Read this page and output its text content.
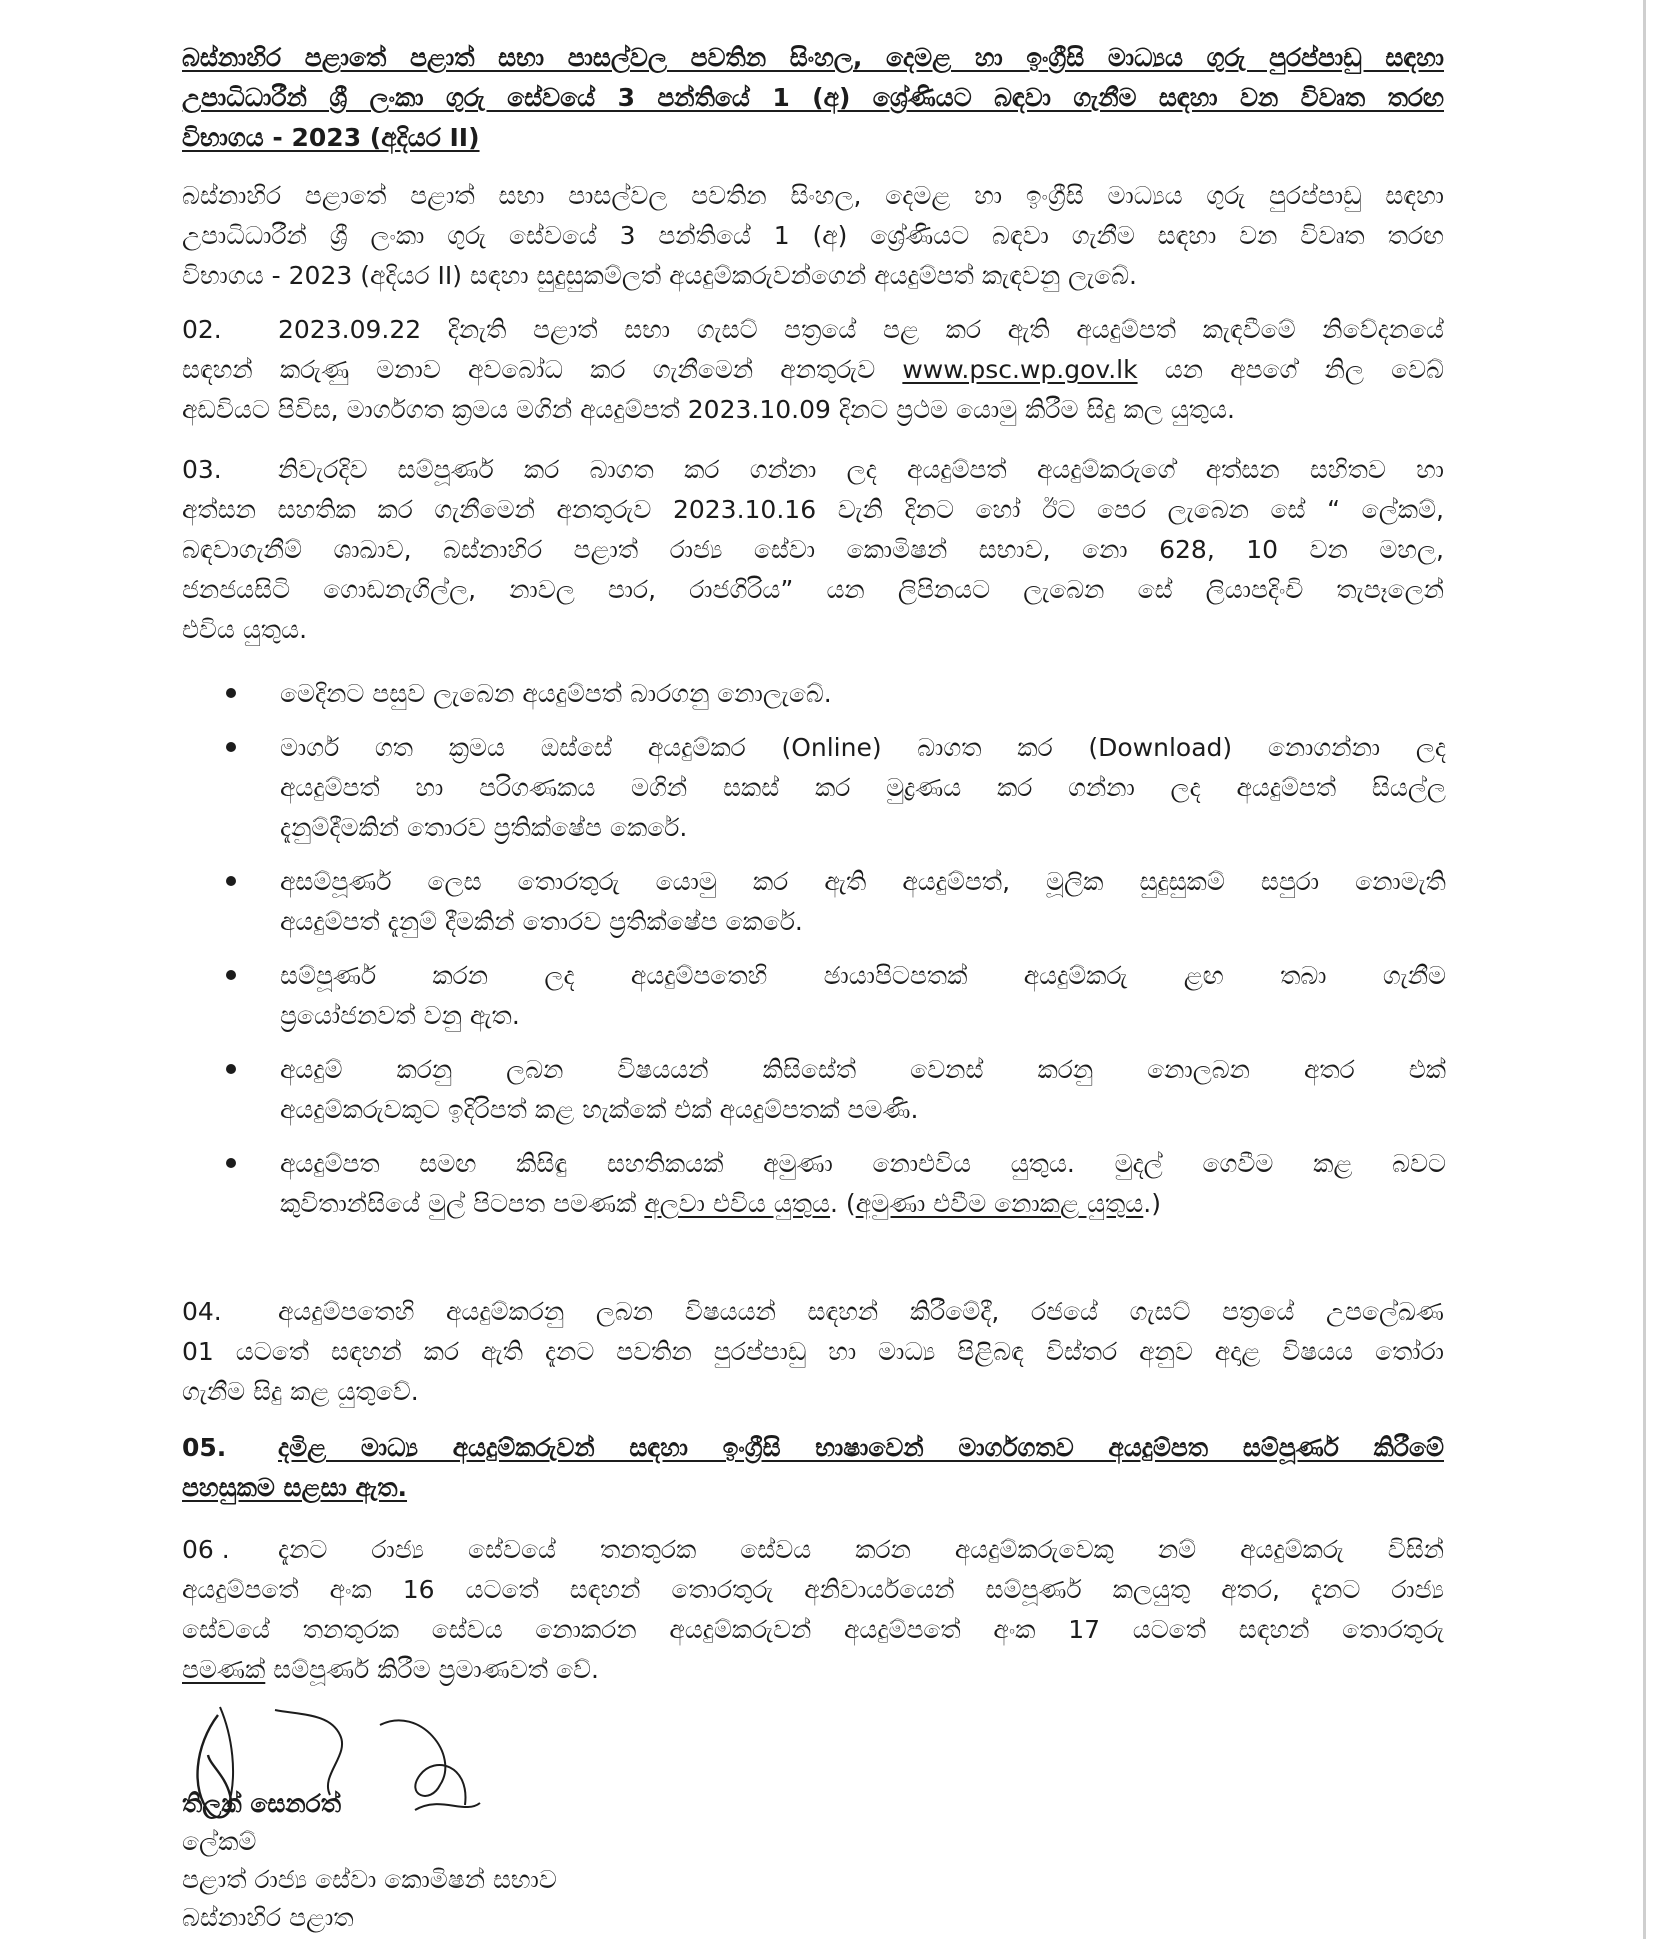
බස්නාහිර පළාතේ පළාත් සභා පාසල්වල පවතින සිංහල, දෙමළ හා ඉංග්‍රීසි මාධ්‍යය ගුරු පුරප්පාඩු සඳහා
උපාධිධාරීන් ශ්‍රී ලංකා ගුරු සේවයේ 3 පන්තියේ 1 (අ) ශ්‍රේණියට බඳවා ගැනීම සඳහා වන විවෘත තරඟ
විභාගය - 2023 (අදියර II)
බස්නාහිර පළාතේ පළාත් සභා පාසල්වල පවතින සිංහල, දෙමළ හා ඉංග්‍රීසි මාධ්‍යය ගුරු පුරප්පාඩු සඳහා
උපාධිධාරීන් ශ්‍රී ලංකා ගුරු සේවයේ 3 පන්තියේ 1 (අ) ශ්‍රේණියට බඳවා ගැනීම සඳහා වන විවෘත තරඟ
විභාගය - 2023 (අදියර II) සඳහා සුදුසුකම්ලත් අයදුම්කරුවන්ගෙන් අයදුම්පත් කැඳවනු ලැබේ.
02. 2023.09.22 දිනැති පළාත් සභා ගැසට් පත්‍රයේ පළ කර ඇති අයදුම්පත් කැඳවීමේ නිවේදනයේ
සඳහන් කරුණු මනාව අවබෝධ කර ගැනීමෙන් අනතුරුව www.psc.wp.gov.lk යන අපගේ නිල වෙබ්
අඩවියට පිවිස, මාර්ගගත ක්‍රමය මගින් අයදුම්පත් 2023.10.09 දිනට ප්‍රථම යොමු කිරීම සිදු කල යුතුය.
03. නිවැරදිව සම්පූර්ණ කර බාගත කර ගන්නා ලද අයදුම්පත් අයදුම්කරුගේ අත්සන සහිතව හා
අත්සන සහතික කර ගැනීමෙන් අනතුරුව 2023.10.16 වැනි දිනට හෝ ඊට පෙර ලැබෙන සේ “ ලේකම්,
බඳවාගැනීම් ශාඛාව, බස්නාහිර පළාත් රාජ්‍ය සේවා කොමිෂන් සභාව, නො 628, 10 වන මහල,
ජනජයසිටි ගොඩනැගිල්ල, නාවල පාර, රාජගිරිය” යන ලිපිනයට ලැබෙන සේ ලියාපදිංචි තැපෑලෙන්
එවිය යුතුය.
මෙදිනට පසුව ලැබෙන අයදුම්පත් බාරගනු නොලැබේ.
මාර්ග ගත ක්‍රමය ඔස්සේ අයදුම්කර (Online) බාගත කර (Download) නොගන්නා ලද
අයදුම්පත් හා පරිගණකය මගින් සකස් කර මුද්‍රණය කර ගන්නා ලද අයදුම්පත් සියල්ල
දැනුම්දීමකින් තොරව ප්‍රතික්ෂේප කෙරේ.
අසම්පූර්ණ ලෙස තොරතුරු යොමු කර ඇති අයදුම්පත්, මූලික සුදුසුකම් සපුරා නොමැති
අයදුම්පත් දැනුම් දීමකින් තොරව ප්‍රතික්ෂේප කෙරේ.
සම්පූර්ණ කරන ලද අයදුම්පතෙහි ඡායාපිටපතක් අයදුම්කරු ළඟ තබා ගැනීම
ප්‍රයෝජනවත් වනු ඇත.
අයදුම් කරනු ලබන විෂයයන් කිසිසේත් වෙනස් කරනු නොලබන අතර එක්
අයදුම්කරුවකුට ඉදිරිපත් කළ හැක්කේ එක් අයදුම්පතක් පමණි.
අයදුම්පත සමඟ කිසිඳු සහතිකයක් අමුණා නොඑවිය යුතුය. මුදල් ගෙවීම කළ බවට
කුවිතාන්සියේ මුල් පිටපත පමණක් අලවා එවිය යුතුය. (අමුණා එවීම නොකළ යුතුය.)
04. අයදුම්පතෙහි අයදුම්කරනු ලබන විෂයයන් සඳහන් කිරීමේදී, රජයේ ගැසට් පත්‍රයේ උපලේඛණ
01 යටතේ සඳහන් කර ඇති දැනට පවතින පුරප්පාඩු හා මාධ්‍ය පිළිබඳ විස්තර අනුව අදාළ විෂයය තෝරා
ගැනීම සිදු කළ යුතුවේ.
05. දමිළ මාධ්‍ය අයදුම්කරුවන් සඳහා ඉංග්‍රීසි භාෂාවෙන් මාර්ගගතව අයදුම්පත සම්පූර්ණ කිරීමේ
පහසුකම සළසා ඇත.
06 . දැනට රාජ්‍ය සේවයේ තනතුරක සේවය කරන අයදුම්කරුවෙකු නම් අයදුම්කරු විසින්
අයදුම්පතේ අංක 16 යටතේ සඳහන් තොරතුරු අනිවාර්යයෙන් සම්පූර්ණ කලයුතු අතර, දැනට රාජ්‍ය
සේවයේ තනතුරක සේවය නොකරන අයදුම්කරුවන් අයදුම්පතේ අංක 17 යටතේ සඳහන් තොරතුරු
පමණක් සම්පූර්ණ කිරීම ප්‍රමාණවත් වේ.
තිලක් සෙනරත්
ලේකම්
පළාත් රාජ්‍ය සේවා කොමිෂන් සභාව
බස්නාහිර පළාත
